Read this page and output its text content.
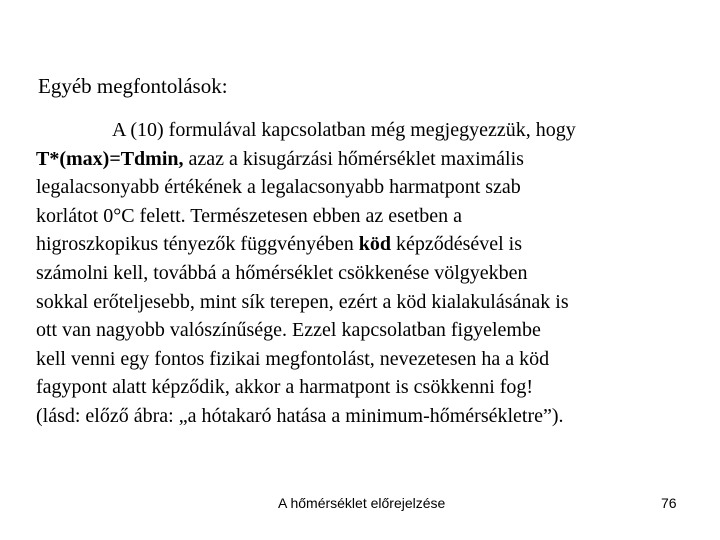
Egyéb megfontolások:
A (10) formulával kapcsolatban még megjegyezzük, hogy
T*(max)=Tdmin, azaz a kisugárzási hőmérséklet maximális
legalacsonyabb értékének a legalacsonyabb harmatpont szab
korlátot 0°C felett. Természetesen ebben az esetben a
higroszkopikus tényezők függvényében köd képződésével is
számolni kell, továbbá a hőmérséklet csökkenése völgyekben
sokkal erőteljesebb, mint sík terepen, ezért a köd kialakulásának is
ott van nagyobb valószínűsége. Ezzel kapcsolatban figyelembe
kell venni egy fontos fizikai megfontolást, nevezetesen ha a köd
fagypont alatt képződik, akkor a harmatpont is csökkenni fog!
(lásd: előző ábra: „a hótakaró hatása a minimum-hőmérsékletre”).
A hőmérséklet előrejelzése	76
